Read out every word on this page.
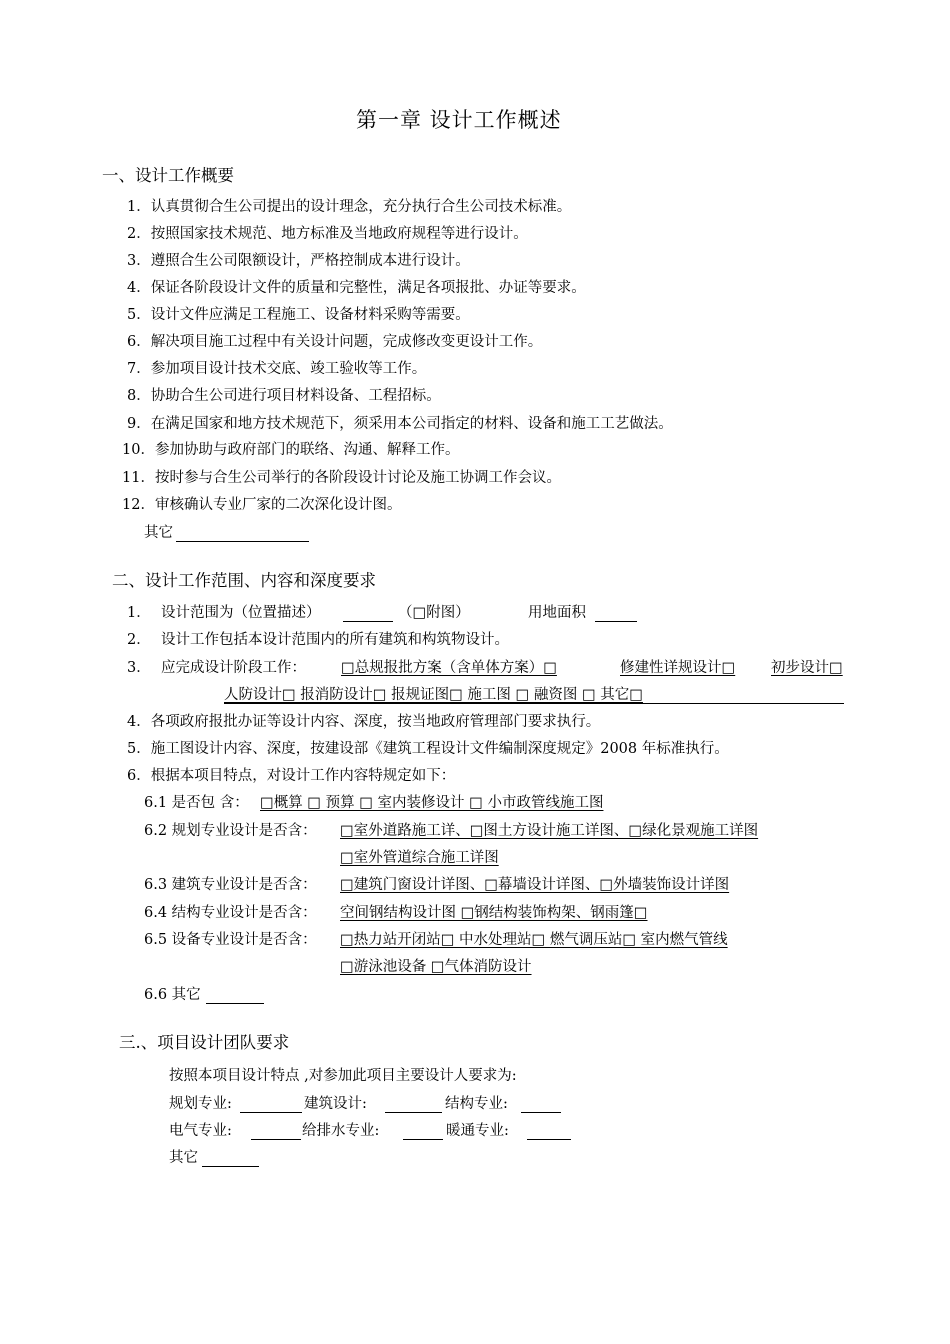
第一章 设计工作概述
一、设计工作概要
1．认真贯彻合生公司提出的设计理念，充分执行合生公司技术标准。
2．按照国家技术规范、地方标准及当地政府规程等进行设计。
3．遵照合生公司限额设计，严格控制成本进行设计。
4．保证各阶段设计文件的质量和完整性，满足各项报批、办证等要求。
5．设计文件应满足工程施工、设备材料采购等需要。
6．解决项目施工过程中有关设计问题，完成修改变更设计工作。
7．参加项目设计技术交底、竣工验收等工作。
8．协助合生公司进行项目材料设备、工程招标。
9．在满足国家和地方技术规范下，须采用本公司指定的材料、设备和施工工艺做法。
10．参加协助与政府部门的联络、沟通、解释工作。
11．按时参与合生公司举行的各阶段设计讨论及施工协调工作会议。
12．审核确认专业厂家的二次深化设计图。
其它
二、设计工作范围、内容和深度要求
1． 设计范围为（位置描述）	（□附图）	用地面积
2． 设计工作包括本设计范围内的所有建筑和构筑物设计。
3． 应完成设计阶段工作： □总规报批方案（含单体方案）□	修建性详规设计□ 初步设计□
人防设计□ 报消防设计□ 报规证图□ 施工图 □ 融资图 □ 其它□
4．各项政府报批办证等设计内容、深度，按当地政府管理部门要求执行。
5．施工图设计内容、深度，按建设部《建筑工程设计文件编制深度规定》2008 年标准执行。
6．根据本项目特点，对设计工作内容特规定如下：
6.1 是否包 含： □概算 □ 预算 □ 室内装修设计 □ 小市政管线施工图
6.2 规划专业设计是否含： □室外道路施工详、□图土方设计施工详图、□绿化景观施工详图
□室外管道综合施工详图
6.3 建筑专业设计是否含： □建筑门窗设计详图、□幕墙设计详图、□外墙装饰设计详图
6.4 结构专业设计是否含： 空间钢结构设计图 □钢结构装饰构架、钢雨篷□
6.5 设备专业设计是否含： □热力站开闭站□ 中水处理站□ 燃气调压站□ 室内燃气管线
□游泳池设备 □气体消防设计
6.6 其它
三.、项目设计团队要求
按照本项目设计特点 ,对参加此项目主要设计人要求为:
规划专业:	建筑设计:	结构专业:
电气专业:	给排水专业:	暖通专业:
其它
